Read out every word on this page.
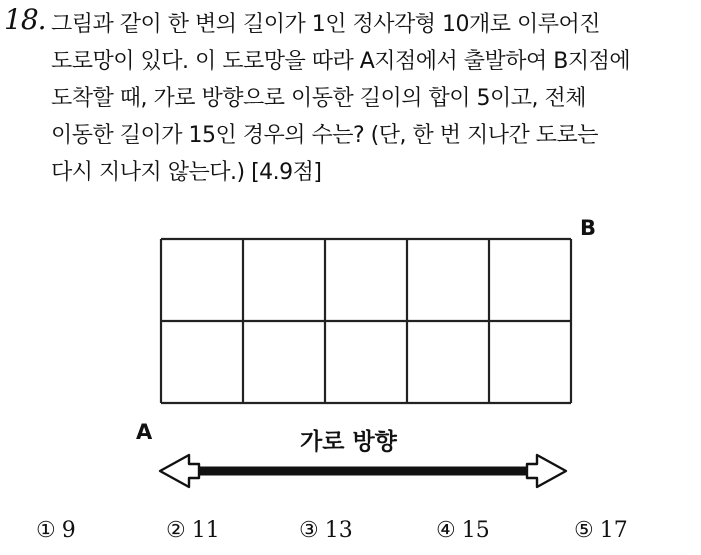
18. 그림과 같이 한 변의 길이가 1인 정사각형 10개로 이루어진
도로망이 있다. 이 도로망을 따라 A지점에서 출발하여 B지점에
도착할 때, 가로 방향으로 이동한 길이의 합이 5이고, 전체
이동한 길이가 15인 경우의 수는? (단, 한 번 지나간 도로는
다시 지나지 않는다.) [4.9점]
B
A	가로 방향
① 9	② 11	③ 13	④ 15	⑤ 17
